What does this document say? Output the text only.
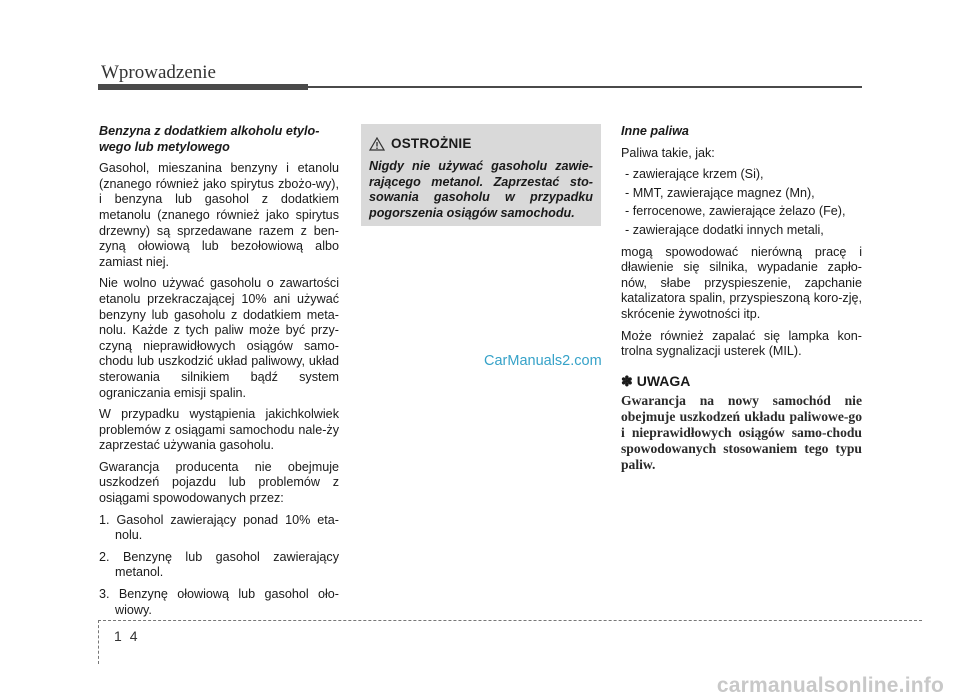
Wprowadzenie

Benzyna z dodatkiem alkoholu etylo-wego lub metylowego

Gasohol, mieszanina benzyny i etanolu (znanego również jako spirytus zbożo-wy), i benzyna lub gasohol z dodatkiem metanolu (znanego również jako spirytus drzewny) są sprzedawane razem z ben-zyną ołowiową lub bezołowiową albo zamiast niej.

Nie wolno używać gasoholu o zawartości etanolu przekraczającej 10% ani używać benzyny lub gasoholu z dodatkiem meta-nolu. Każde z tych paliw może być przy-czyną nieprawidłowych osiągów samo-chodu lub uszkodzić układ paliwowy, układ sterowania silnikiem bądź system ograniczania emisji spalin.

W przypadku wystąpienia jakichkolwiek problemów z osiągami samochodu nale-ży zaprzestać używania gasoholu.

Gwarancja producenta nie obejmuje uszkodzeń pojazdu lub problemów z osiągami spowodowanych przez:

1. Gasohol zawierający ponad 10% eta-nolu.
2. Benzynę lub gasohol zawierający metanol.
3. Benzynę ołowiową lub gasohol oło-wiowy.
OSTROŻNIE
Nigdy nie używać gasoholu zawie-rającego metanol. Zaprzestać sto-sowania gasoholu w przypadku pogorszenia osiągów samochodu.

Inne paliwa

Paliwa takie, jak:

- zawierające krzem (Si),
- MMT, zawierające magnez (Mn),
- ferrocenowe, zawierające żelazo (Fe),
- zawierające dodatki innych metali,

mogą spowodować nierówną pracę i dławienie się silnika, wypadanie zapło-nów, słabe przyspieszenie, zapchanie katalizatora spalin, przyspieszoną koro-zję, skrócenie żywotności itp.

Może również zapalać się lampka kon-trolna sygnalizacji usterek (MIL).

✽ UWAGA
Gwarancja na nowy samochód nie obejmuje uszkodzeń układu paliwowe-go i nieprawidłowych osiągów samo-chodu spowodowanych stosowaniem tego typu paliw.
CarManuals2.com
14
carmanualsonline.info
